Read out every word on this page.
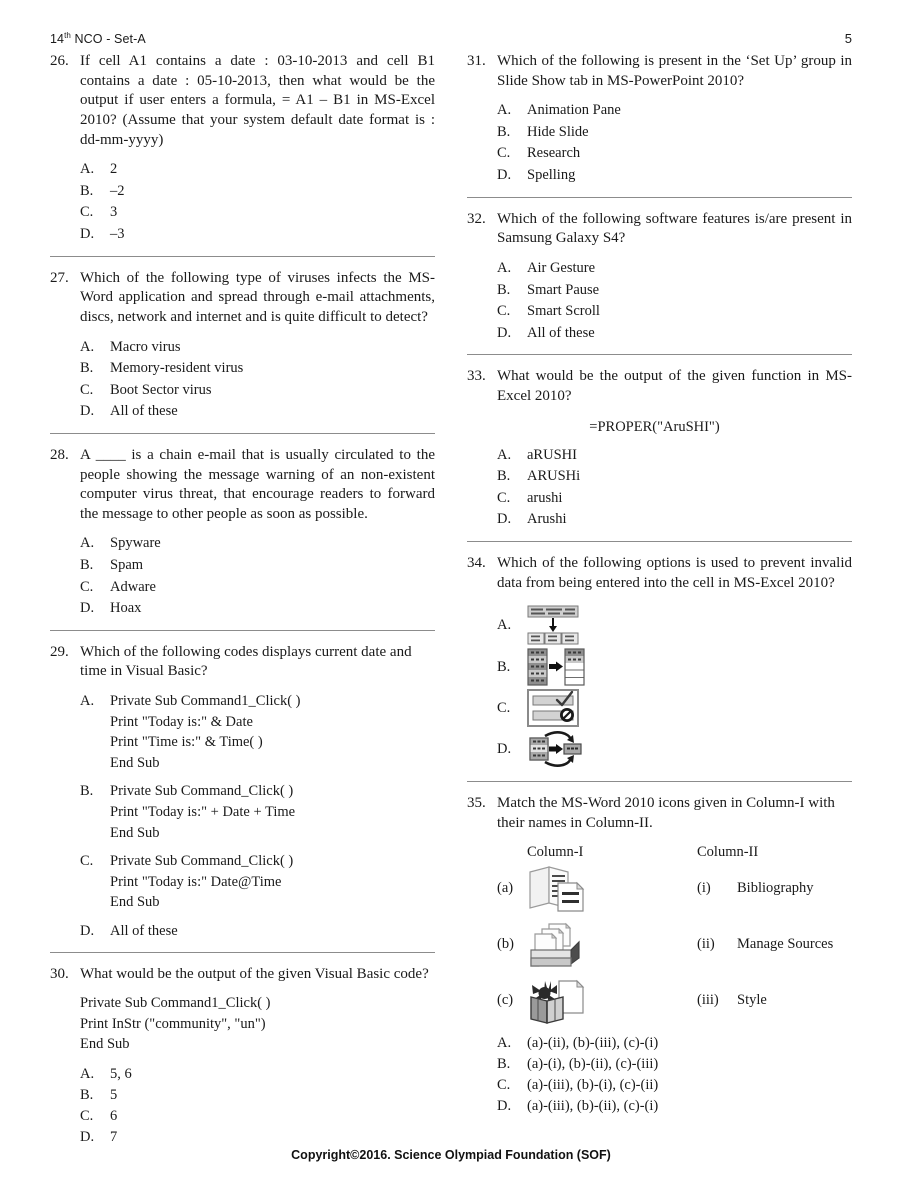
14th NCO - Set-A	5
26. If cell A1 contains a date : 03-10-2013 and cell B1 contains a date : 05-10-2013, then what would be the output if user enters a formula, = A1 – B1 in MS-Excel 2010? (Assume that your system default date format is : dd-mm-yyyy)

A.	2
B.	–2
C.	3
D.	–3
27. Which of the following type of viruses infects the MS-Word application and spread through e-mail attachments, discs, network and internet and is quite difficult to detect?

A.	Macro virus
B.	Memory-resident virus
C.	Boot Sector virus
D.	All of these
28. A ____ is a chain e-mail that is usually circulated to the people showing the message warning of an non-existent computer virus threat, that encourage readers to forward the message to other people as soon as possible.

A.	Spyware
B.	Spam
C.	Adware
D.	Hoax
29. Which of the following codes displays current date and time in Visual Basic?

A.	Private Sub Command1_Click( )
Print "Today is:" & Date
Print "Time is:" & Time( )
End Sub
B.	Private Sub Command_Click( )
Print "Today is:" + Date + Time
End Sub
C.	Private Sub Command_Click( )
Print "Today is:" Date@Time
End Sub
D.	All of these
30. What would be the output of the given Visual Basic code?

Private Sub Command1_Click( )
Print InStr ("community", "un")
End Sub
A.	5, 6
B.	5
C.	6
D.	7
31. Which of the following is present in the ‘Set Up’ group in Slide Show tab in MS-PowerPoint 2010?

A.	Animation Pane
B.	Hide Slide
C.	Research
D.	Spelling
32. Which of the following software features is/are present in Samsung Galaxy S4?

A.	Air Gesture
B.	Smart Pause
C.	Smart Scroll
D.	All of these
33. What would be the output of the given function in MS-Excel 2010?

=PROPER("AruSHI")
A.	aRUSHI
B.	ARUSHi
C.	arushi
D.	Arushi
34. Which of the following options is used to prevent invalid data from being entered into the cell in MS-Excel 2010?

A.
B.
C.
D.
35. Match the MS-Word 2010 icons given in Column-I with their names in Column-II.

Column-I	Column-II
(a)	(i)	Bibliography
(b)	(ii)	Manage Sources
(c)	(iii)	Style
A.	(a)-(ii), (b)-(iii), (c)-(i)
B.	(a)-(i), (b)-(ii), (c)-(iii)
C.	(a)-(iii), (b)-(i), (c)-(ii)
D.	(a)-(iii), (b)-(ii), (c)-(i)
Copyright©2016. Science Olympiad Foundation (SOF)
